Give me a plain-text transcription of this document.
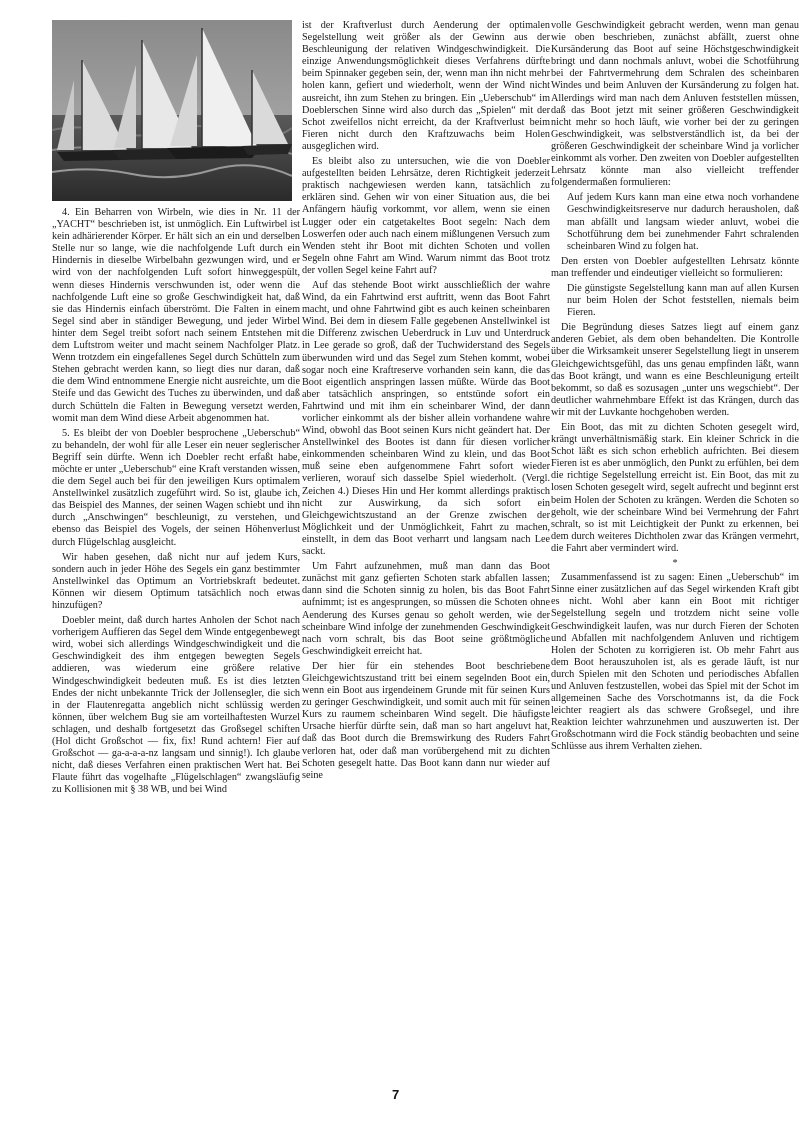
4. Ein Beharren von Wirbeln, wie dies in Nr. 11 der „YACHT“ beschrieben ist, ist unmöglich. Ein Luftwirbel ist kein adhärierender Körper. Er hält sich an ein und derselben Stelle nur so lange, wie die nachfolgende Luft durch ein Hindernis in dieselbe Wirbelbahn gezwungen wird, und er wird von der nachfolgenden Luft sofort hinweggespült, wenn dieses Hindernis verschwunden ist, oder wenn die nachfolgende Luft eine so große Geschwindigkeit hat, daß sie das Hindernis einfach überströmt. Die Falten in einem Segel sind aber in ständiger Bewegung, und jeder Wirbel hinter dem Segel treibt sofort nach seinem Entstehen mit dem Luftstrom weiter und macht seinem Nachfolger Platz. Wenn trotzdem ein eingefallenes Segel durch Schütteln zum Stehen gebracht werden kann, so liegt dies nur daran, daß die dem Wind entnommene Energie nicht ausreichte, um die Steife und das Gewicht des Tuches zu überwinden, und daß durch Schütteln die Falten in Bewegung versetzt werden, womit man dem Wind diese Arbeit abgenommen hat.

5. Es bleibt der von Doebler besprochene „Ueberschub“ zu behandeln, der wohl für alle Leser ein neuer seglerischer Begriff sein dürfte. Wenn ich Doebler recht erfaßt habe, möchte er unter „Ueberschub“ eine Kraft verstanden wissen, die dem Segel auch bei für den jeweiligen Kurs optimalem Anstellwinkel zusätzlich zugeführt wird. So ist, glaube ich, das Beispiel des Mannes, der seinen Wagen schiebt und ihn durch „Anschwingen“ beschleunigt, zu verstehen, und ebenso das Beispiel des Vogels, der seinen Höhenverlust durch Flügelschlag ausgleicht.

Wir haben gesehen, daß nicht nur auf jedem Kurs, sondern auch in jeder Höhe des Segels ein ganz bestimmter Anstellwinkel das Optimum an Vortriebskraft bedeutet. Können wir diesem Optimum tatsächlich noch etwas hinzufügen?

Doebler meint, daß durch hartes Anholen der Schot nach vorherigem Auffieren das Segel dem Winde entgegenbewegt wird, wobei sich allerdings Windgeschwindigkeit und die Geschwindigkeit des ihm entgegen bewegten Segels addieren, was wiederum eine größere relative Windgeschwindigkeit bedeuten muß. Es ist dies letzten Endes der nicht unbekannte Trick der Jollensegler, die sich in der Flautenregatta angeblich nicht schlüssig werden können, über welchem Bug sie am vorteilhaftesten Wurzel schlagen, und deshalb fortgesetzt das Großsegel schiften (Hol dicht Großschot — fix, fix! Rund achtern! Fier auf Großschot — ga-a-a-a-nz langsam und sinnig!). Ich glaube nicht, daß dieses Verfahren einen praktischen Wert hat. Bei Flaute führt das vogelhafte „Flügelschlagen“ zwangsläufig zu Kollisionen mit § 38 WB, und bei Wind

ist der Kraftverlust durch Aenderung der optimalen Segelstellung weit größer als der Gewinn aus der Beschleunigung der relativen Windgeschwindigkeit. Die einzige Anwendungsmöglichkeit dieses Verfahrens dürfte beim Spinnaker gegeben sein, der, wenn man ihn nicht mehr holen kann, gefiert und wiederholt, wenn der Wind nicht ausreicht, ihn zum Stehen zu bringen. Ein „Ueberschub“ im Doeblerschen Sinne wird also durch das „Spielen“ mit der Schot zweifellos nicht erreicht, da der Kraftverlust beim Fieren nicht durch den Kraftzuwachs beim Holen ausgeglichen wird.

Es bleibt also zu untersuchen, wie die von Doebler aufgestellten beiden Lehrsätze, deren Richtigkeit jederzeit praktisch nachgewiesen werden kann, tatsächlich zu erklären sind. Gehen wir von einer Situation aus, die bei Anfängern häufig vorkommt, vor allem, wenn sie einen Lugger oder ein catgetakeltes Boot segeln: Nach dem Loswerfen oder auch nach einem mißlungenen Versuch zum Wenden steht ihr Boot mit dichten Schoten und vollen Segeln ohne Fahrt am Wind. Warum nimmt das Boot trotz der vollen Segel keine Fahrt auf?

Auf das stehende Boot wirkt ausschließlich der wahre Wind, da ein Fahrtwind erst auftritt, wenn das Boot Fahrt macht, und ohne Fahrtwind gibt es auch keinen scheinbaren Wind. Bei dem in diesem Falle gegebenen Anstellwinkel ist die Differenz zwischen Ueberdruck in Luv und Unterdruck in Lee gerade so groß, daß der Tuchwiderstand des Segels überwunden wird und das Segel zum Stehen kommt, wobei sogar noch eine Kraftreserve vorhanden sein kann, die das Boot eigentlich anspringen lassen müßte. Würde das Boot aber tatsächlich anspringen, so entstünde sofort ein Fahrtwind und mit ihm ein scheinbarer Wind, der dann vorlicher einkommt als der bisher allein vorhandene wahre Wind, obwohl das Boot seinen Kurs nicht geändert hat. Der Anstellwinkel des Bootes ist dann für diesen vorlicher einkommenden scheinbaren Wind zu klein, und das Boot muß seine eben aufgenommene Fahrt sofort wieder verlieren, worauf sich dasselbe Spiel wiederholt. (Vergl. Zeichen 4.) Dieses Hin und Her kommt allerdings praktisch nicht zur Auswirkung, da sich sofort ein Gleichgewichtszustand an der Grenze zwischen der Möglichkeit und der Unmöglichkeit, Fahrt zu machen, einstellt, in dem das Boot verharrt und langsam nach Lee sackt.

Um Fahrt aufzunehmen, muß man dann das Boot zunächst mit ganz gefierten Schoten stark abfallen lassen; dann sind die Schoten sinnig zu holen, bis das Boot Fahrt aufnimmt; ist es angesprungen, so müssen die Schoten ohne Aenderung des Kurses genau so geholt werden, wie der scheinbare Wind infolge der zunehmenden Geschwindigkeit nach vorn schralt, bis das Boot seine größtmögliche Geschwindigkeit erreicht hat.

Der hier für ein stehendes Boot beschriebene Gleichgewichtszustand tritt bei einem segelnden Boot ein, wenn ein Boot aus irgendeinem Grunde mit für seinen Kurs zu geringer Geschwindigkeit, und somit auch mit für seinen Kurs zu raumem scheinbaren Wind segelt. Die häufigste Ursache hierfür dürfte sein, daß man so hart angeluvt hat, daß das Boot durch die Bremswirkung des Ruders Fahrt verloren hat, oder daß man vorübergehend mit zu dichten Schoten gesegelt hatte. Das Boot kann dann nur wieder auf seine

volle Geschwindigkeit gebracht werden, wenn man genau wie oben beschrieben, zunächst abfällt, zuerst ohne Kursänderung das Boot auf seine Höchstgeschwindigkeit bringt und dann nochmals anluvt, wobei die Schotführung bei der Fahrtvermehrung dem Schralen des scheinbaren Windes und beim Anluven der Kursänderung zu folgen hat. Allerdings wird man nach dem Anluven feststellen müssen, daß das Boot jetzt mit seiner größeren Geschwindigkeit nicht mehr so hoch läuft, wie vorher bei der zu geringen Geschwindigkeit, was selbstverständlich ist, da bei der größeren Geschwindigkeit der scheinbare Wind ja vorlicher einkommt als vorher. Den zweiten von Doebler aufgestellten Lehrsatz könnte man also vielleicht treffender folgendermaßen formulieren:

Auf jedem Kurs kann man eine etwa noch vorhandene Geschwindigkeitsreserve nur dadurch herausholen, daß man abfällt und langsam wieder anluvt, wobei die Schotführung dem bei zunehmender Fahrt schralenden scheinbaren Wind zu folgen hat.

Den ersten von Doebler aufgestellten Lehrsatz könnte man treffender und eindeutiger vielleicht so formulieren:

Die günstigste Segelstellung kann man auf allen Kursen nur beim Holen der Schot feststellen, niemals beim Fieren.

Die Begründung dieses Satzes liegt auf einem ganz anderen Gebiet, als dem oben behandelten. Die Kontrolle über die Wirksamkeit unserer Segelstellung liegt in unserem Gleichgewichtsgefühl, das uns genau empfinden läßt, wann das Boot krängt, und wann es eine Beschleunigung erteilt bekommt, so daß es sozusagen „unter uns wegschiebt“. Der deutlicher wahrnehmbare Effekt ist das Krängen, durch das wir mit der Luvkante hochgehoben werden.

Ein Boot, das mit zu dichten Schoten gesegelt wird, krängt unverhältnismäßig stark. Ein kleiner Schrick in die Schot läßt es sich schon erheblich aufrichten. Bei diesem Fieren ist es aber unmöglich, den Punkt zu erfühlen, bei dem die richtige Segelstellung erreicht ist. Ein Boot, das mit zu losen Schoten gesegelt wird, segelt aufrecht und beginnt erst beim Holen der Schoten zu krängen. Werden die Schoten so geholt, wie der scheinbare Wind bei Vermehrung der Fahrt schralt, so ist mit Leichtigkeit der Punkt zu erkennen, bei dem durch weiteres Dichtholen zwar das Krängen vermehrt, die Fahrt aber vermindert wird.

*

Zusammenfassend ist zu sagen: Einen „Ueberschub“ im Sinne einer zusätzlichen auf das Segel wirkenden Kraft gibt es nicht. Wohl aber kann ein Boot mit richtiger Segelstellung segeln und trotzdem nicht seine volle Geschwindigkeit laufen, was nur durch Fieren der Schoten und Abfallen mit nachfolgendem Anluven und richtigem Holen der Schoten zu korrigieren ist. Ob mehr Fahrt aus dem Boot herauszuholen ist, als es gerade läuft, ist nur durch Spielen mit den Schoten und periodisches Abfallen und Anluven festzustellen, wobei das Spiel mit der Schot im allgemeinen Sache des Vorschotmanns ist, da die Fock leichter reagiert als das schwere Großsegel, und ihre Reaktion leichter wahrzunehmen und auszuwerten ist. Der Großschotmann wird die Fock ständig beobachten und seine Schlüsse aus ihrem Verhalten ziehen.

7
